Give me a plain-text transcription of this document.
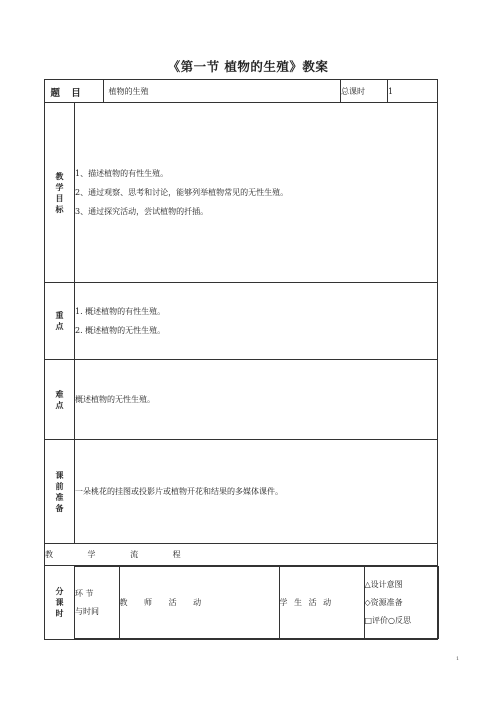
《第一节 植物的生殖》教案

题 目	植物的生殖	总课时	1

教
学
目
标

1、描述植物的有性生殖。
2、通过观察、思考和讨论，能够列举植物常见的无性生殖。
3、通过探究活动，尝试植物的扦插。

重
点

1. 概述植物的有性生殖。
2. 概述植物的无性生殖。

难
点

概述植物的无性生殖。

课
前
准
备

一朵桃花的挂图或投影片或植物开花和结果的多媒体课件。

教	学	流	程

分
课
时

环 节
与时间
	教 师 活 动	学 生 活 动	
△设计意图
◇资源准备
□评价○反思
1
